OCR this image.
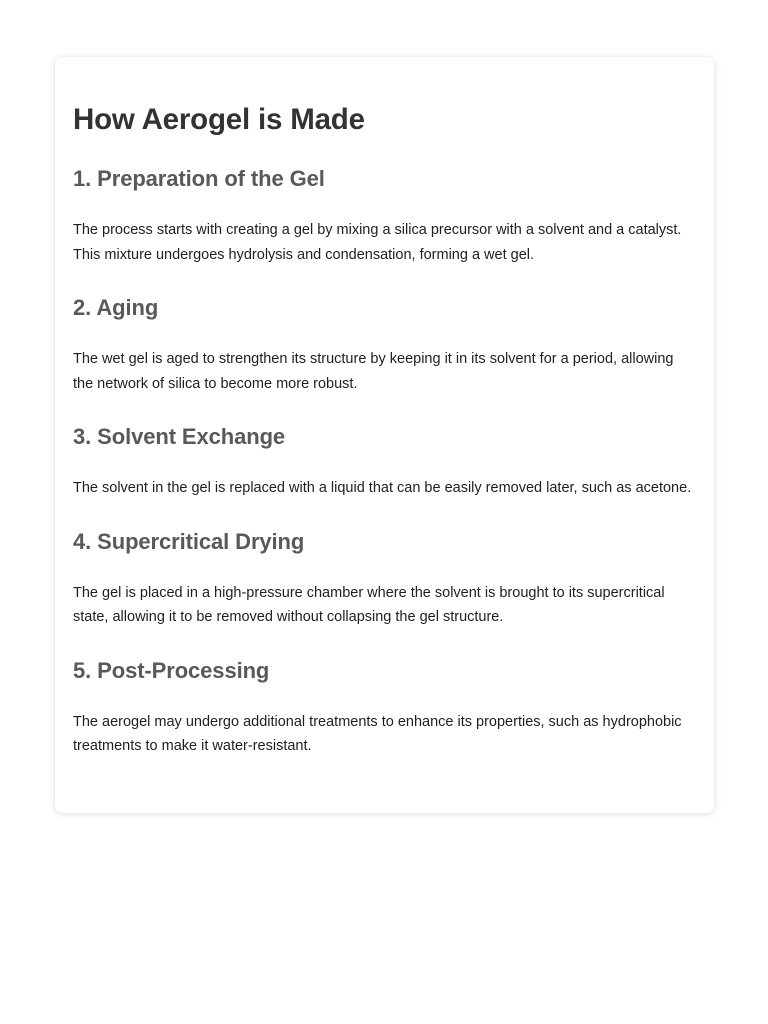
How Aerogel is Made
1. Preparation of the Gel

The process starts with creating a gel by mixing a silica precursor with a solvent and a catalyst. This mixture undergoes hydrolysis and condensation, forming a wet gel.

2. Aging

The wet gel is aged to strengthen its structure by keeping it in its solvent for a period, allowing the network of silica to become more robust.

3. Solvent Exchange

The solvent in the gel is replaced with a liquid that can be easily removed later, such as acetone.

4. Supercritical Drying

The gel is placed in a high-pressure chamber where the solvent is brought to its supercritical state, allowing it to be removed without collapsing the gel structure.

5. Post-Processing

The aerogel may undergo additional treatments to enhance its properties, such as hydrophobic treatments to make it water-resistant.
